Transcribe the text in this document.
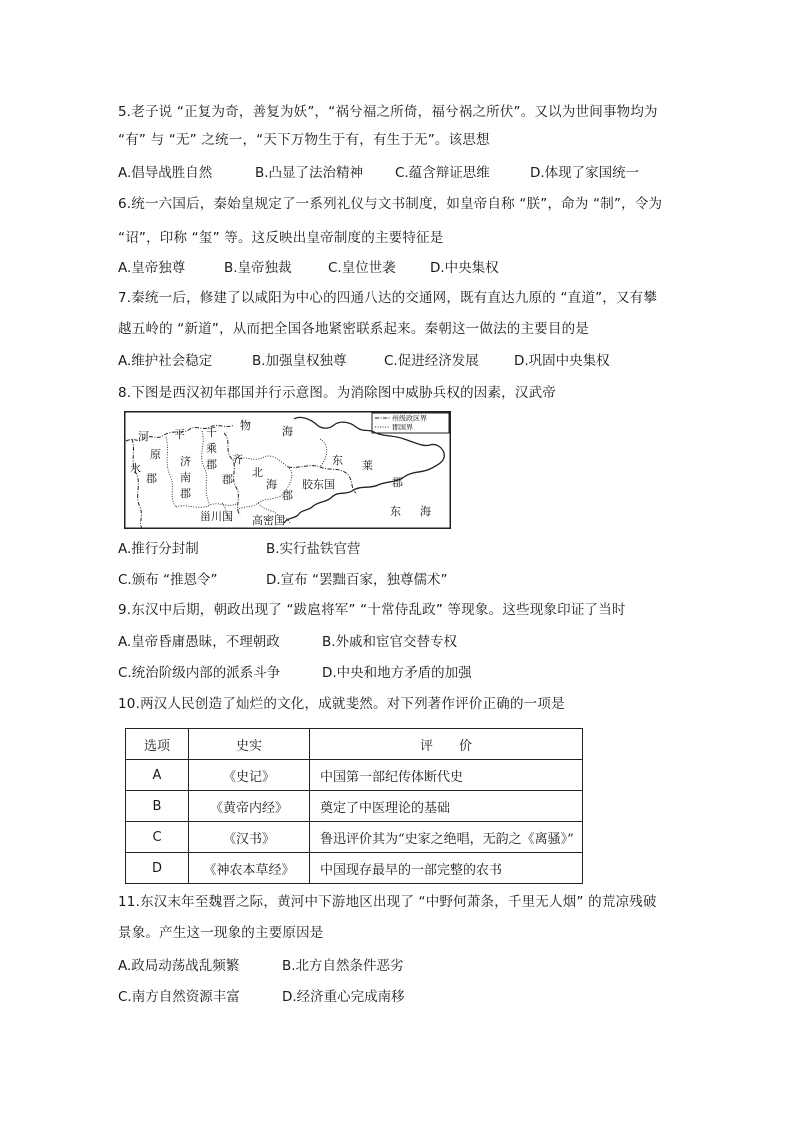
5.老子说 “正复为奇，善复为妖”，“祸兮福之所倚，福兮祸之所伏”。又以为世间事物均为
“有” 与 “无” 之统一，“天下万物生于有，有生于无”。该思想
A.倡导战胜自然	B.凸显了法治精神 C.蕴含辩证思维	D.体现了家国统一
6.统一六国后，秦始皇规定了一系列礼仪与文书制度，如皇帝自称 “朕”，命为 “制”，令为
“诏”，印称 “玺” 等。这反映出皇帝制度的主要特征是
A.皇帝独尊	B.皇帝独裁	C.皇位世袭	D.中央集权
7.秦统一后，修建了以咸阳为中心的四通八达的交通网，既有直达九原的 “直道”，又有攀
越五岭的 “新道”，从而把全国各地紧密联系起来。秦朝这一做法的主要目的是
A.维护社会稳定	B.加强皇权独尊	C.促进经济发展	D.巩固中央集权
8.下图是西汉初年郡国并行示意图。为消除图中威胁兵权的因素，汉武帝
州级政区界
郡国界
河 平 千
乘
郡
物	海
原
济
南
郡
齐
郡
东 莱
郡
水
郡	北
海
郡
胶东国
东 海
甾川国 高密国
A.推行分封制	B.实行盐铁官营
C.颁布 “推恩令”	D.宣布 “罢黜百家，独尊儒术”
9.东汉中后期，朝政出现了 “跋扈将军” “十常侍乱政” 等现象。这些现象印证了当时
A.皇帝昏庸愚昧，不理朝政	B.外戚和宦官交替专权
C.统治阶级内部的派系斗争	D.中央和地方矛盾的加强
10.两汉人民创造了灿烂的文化，成就斐然。对下列著作评价正确的一项是
选项	史实	评　　价
A	《史记》	中国第一部纪传体断代史
B	《黄帝内经》	奠定了中医理论的基础
C	《汉书》	鲁迅评价其为“史家之绝唱，无韵之《离骚》”
D	《神农本草经》	中国现存最早的一部完整的农书
11.东汉末年至魏晋之际，黄河中下游地区出现了 “中野何萧条，千里无人烟” 的荒凉残破
景象。产生这一现象的主要原因是
A.政局动荡战乱频繁	B.北方自然条件恶劣
C.南方自然资源丰富	D.经济重心完成南移
